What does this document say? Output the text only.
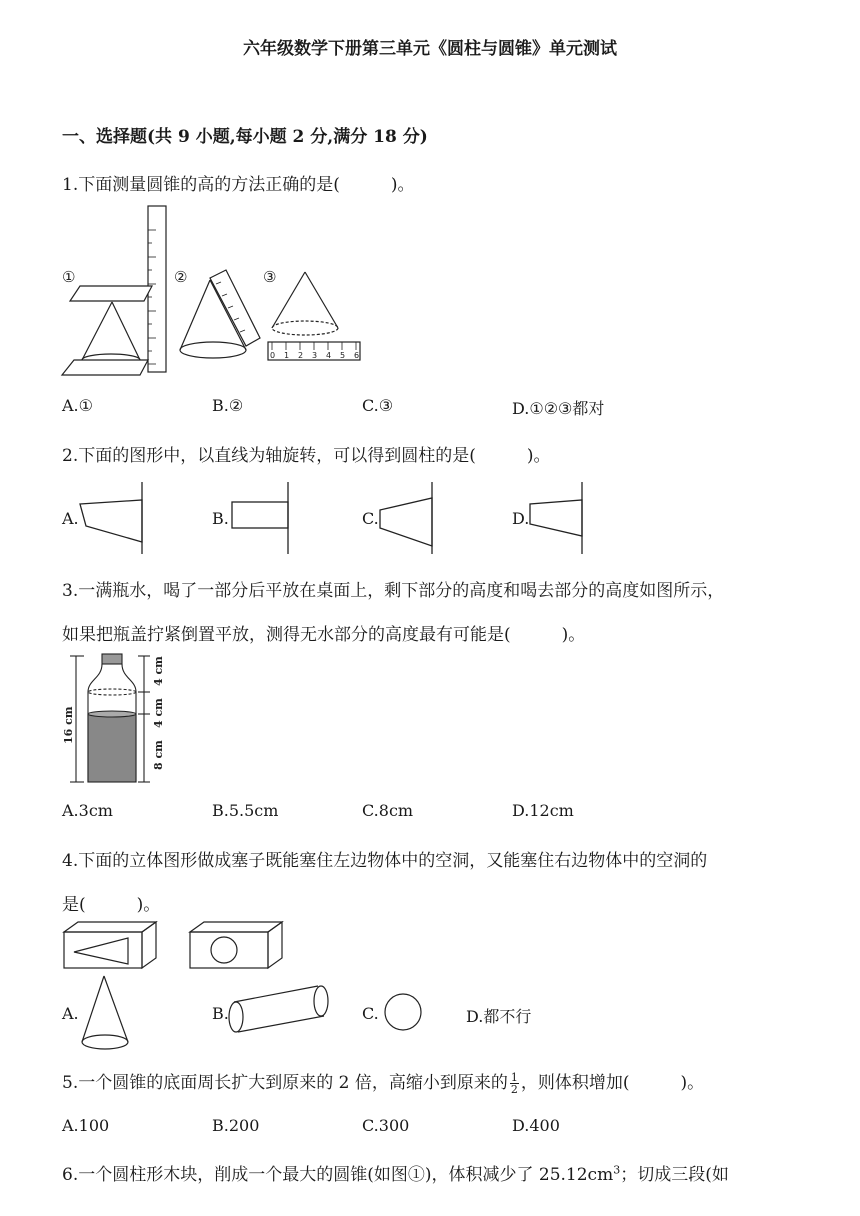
六年级数学下册第三单元《圆柱与圆锥》单元测试
一、选择题(共 9 小题,每小题 2 分,满分 18 分)
1.下面测量圆锥的高的方法正确的是(　　　)。
①	②	③
0 1 2 3 4 5 6
A.①	B.②	C.③	D.①②③都对
2.下面的图形中，以直线为轴旋转，可以得到圆柱的是(　　　)。
A.	B.	C.	D.
3.一满瓶水，喝了一部分后平放在桌面上，剩下部分的高度和喝去部分的高度如图所示，
如果把瓶盖拧紧倒置平放，测得无水部分的高度最有可能是(　　　)。
16 cm
4 cm
4 cm
8 cm
A.3cm	B.5.5cm	C.8cm	D.12cm
4.下面的立体图形做成塞子既能塞住左边物体中的空洞，又能塞住右边物体中的空洞的
是(　　　)。
A.	B.	C.	D.都不行
5.一个圆锥的底面周长扩大到原来的 2 倍，高缩小到原来的 $\frac{1}{2}$ ，则体积增加(　　　)。
A.100	B.200	C.300	D.400
6.一个圆柱形木块，削成一个最大的圆锥(如图①)，体积减少了 $25.12cm^3$；切成三段(如
